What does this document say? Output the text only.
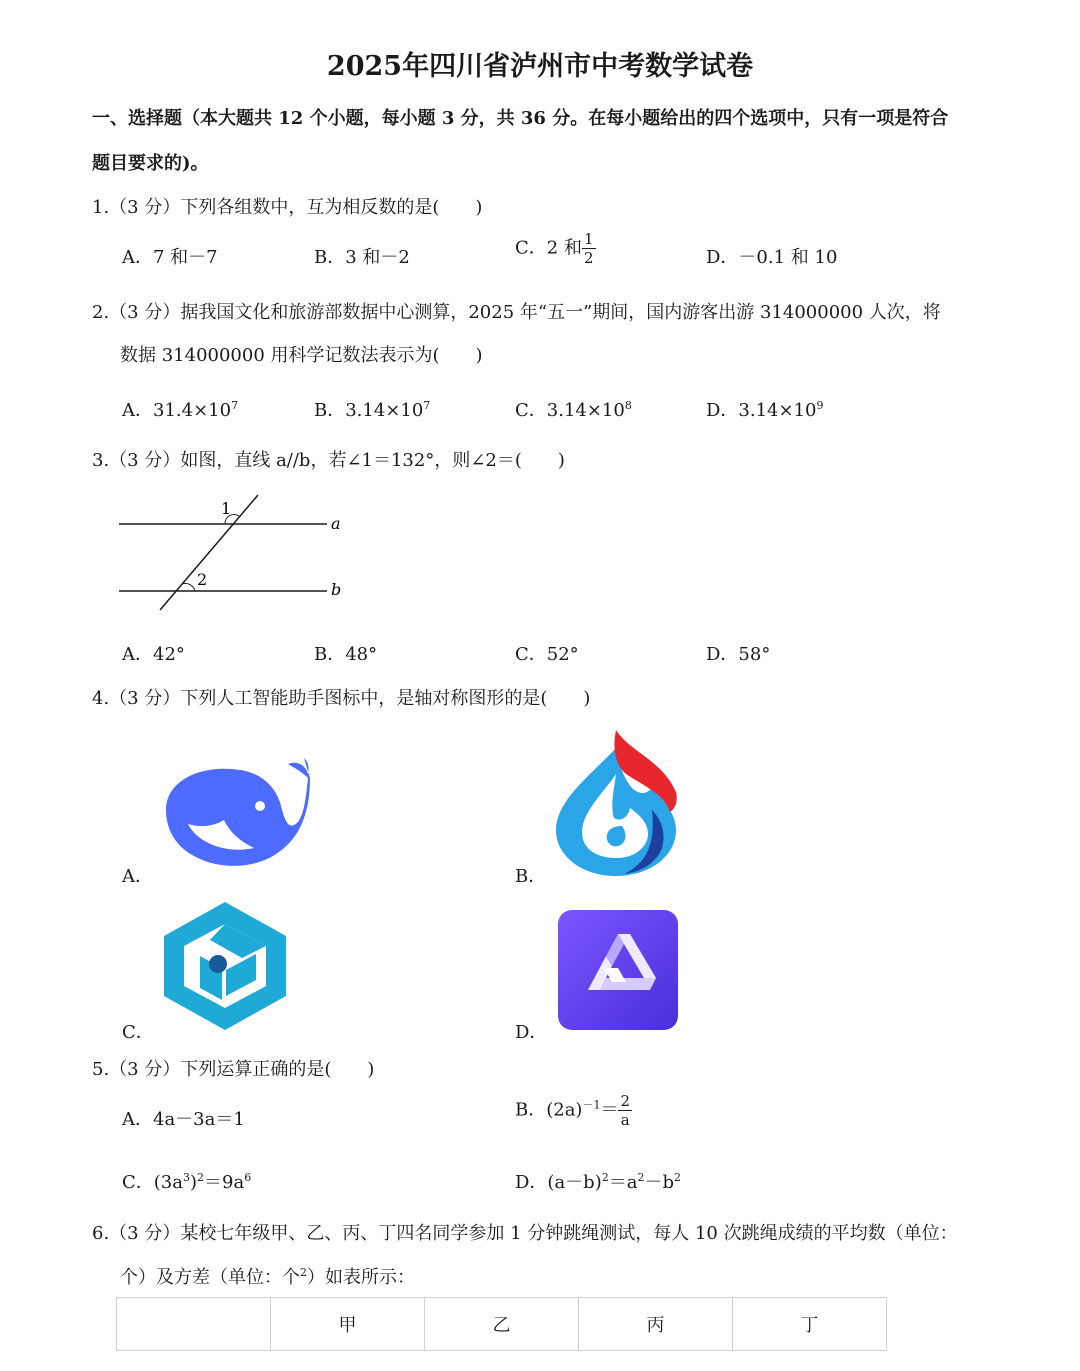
2025年四川省泸州市中考数学试卷
一、选择题（本大题共 12 个小题，每小题 3 分，共 36 分。在每小题给出的四个选项中，只有一项是符合
题目要求的)。
1.（3 分）下列各组数中，互为相反数的是(　　)
A．7 和－7	B．3 和－2	C．2 和 $\frac{1}{2}$	D．－0.1 和 10
2.（3 分）据我国文化和旅游部数据中心测算，2025 年“五一”期间，国内游客出游 314000000 人次，将
数据 314000000 用科学记数法表示为(　　)
A．$31.4\times 10^7$	B．$3.14\times 10^7$	C．$3.14\times 10^8$	D．$3.14\times 10^9$
3.（3 分）如图，直线 a//b，若∠1＝132°，则∠2＝(　　)
1
2
a
b
A．42°	B．48°	C．52°	D．58°
4.（3 分）下列人工智能助手图标中，是轴对称图形的是(　　)
A．	B．
C．	D．
5.（3 分）下列运算正确的是(　　)
A．4a－3a＝1	B．$(2a)^{-1}= \frac{2}{a}$
C．$(3a^3)^2=9a^6$	D．$(a-b)^2=a^2-b^2$
6.（3 分）某校七年级甲、乙、丙、丁四名同学参加 1 分钟跳绳测试，每人 10 次跳绳成绩的平均数（单位：
个）及方差（单位：个$^2$）如表所示：
	甲	乙	丙	丁
